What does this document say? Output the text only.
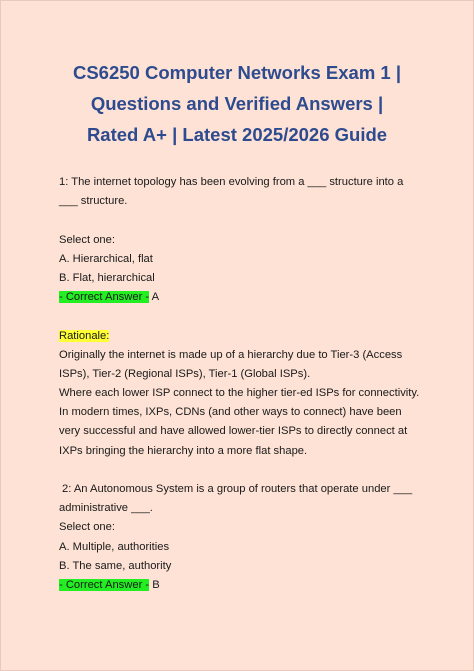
CS6250 Computer Networks Exam 1 |
Questions and Verified Answers |
Rated A+ | Latest 2025/2026 Guide
1: The internet topology has been evolving from a ___ structure into a
___ structure.
Select one:
A. Hierarchical, flat
B. Flat, hierarchical
- Correct Answer - A
Rationale:
Originally the internet is made up of a hierarchy due to Tier-3 (Access
ISPs), Tier-2 (Regional ISPs), Tier-1 (Global ISPs).
Where each lower ISP connect to the higher tier-ed ISPs for connectivity.
In modern times, IXPs, CDNs (and other ways to connect) have been
very successful and have allowed lower-tier ISPs to directly connect at
IXPs bringing the hierarchy into a more flat shape.
2: An Autonomous System is a group of routers that operate under ___
administrative ___.
Select one:
A. Multiple, authorities
B. The same, authority
- Correct Answer - B
